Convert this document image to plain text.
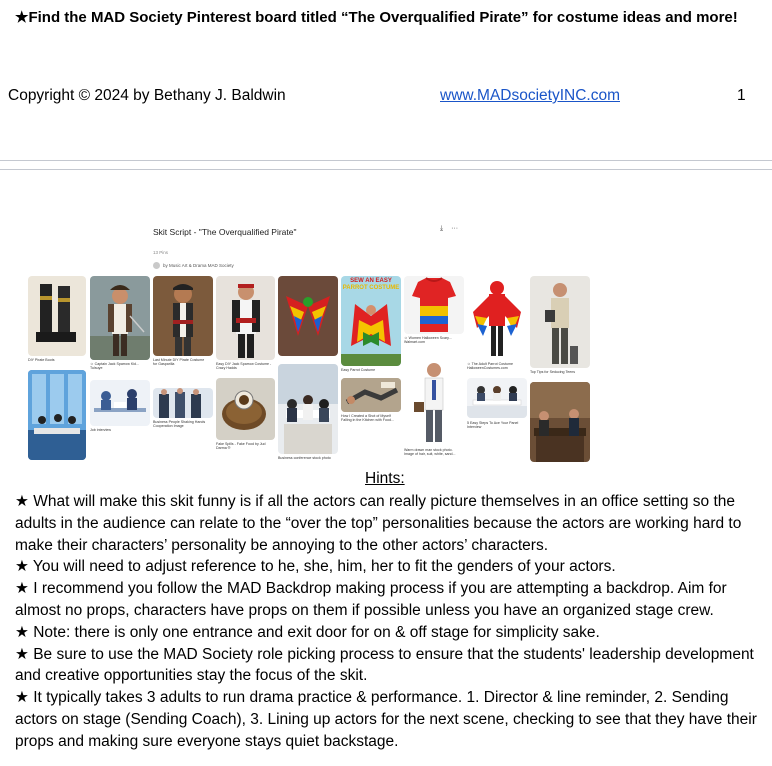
★Find the MAD Society Pinterest board titled “The Overqualified Pirate” for costume ideas and more!

Copyright © 2024 by Bethany J. Baldwin	www.MADsocietyINC.com	1
Skit Script - "The Overqualified Pirate"
13 Pins
by Music Art & Drama MAD Society
⤓ ···
DIY Pirate Boots
☺ Captain Jack Sparrow Kid...
Tulsuye
Last Minute DIY Pirate Costume
for Gasparilla	Easy DIY Jack Sparrow Costume -
Crazy Hadds
SEW AN EASY
PARROT COSTUME
Easy Parrot Costume
☺ Women Halloween Scary...
Walmart.com
☺ The Adult Parrot Costume
HalloweenCostumes.com
Top Tips for Seducing Teens
Job interview
Business People Shaking Hands
Cooperation Image
Fake Spills - Fake Food by Jud
Darma ®
Business conference stock photo
How I Created a Shot of Myself
Falling in the Kitchen with Food...
Warm drawn man stock photo.
Image of hair, suit, white, sand...
5 Easy Steps To Ace Your Panel
Interview

Hints:

★ What will make this skit funny is if all the actors can really picture themselves in an office setting so the adults in the audience can relate to the “over the top” personalities because the actors are working hard to make their characters’ personality be annoying to the other actors’ characters.

★ You will need to adjust reference to he, she, him, her to fit the genders of your actors.

★ I recommend you follow the MAD Backdrop making process if you are attempting a backdrop. Aim for almost no props, characters have props on them if possible unless you have an organized stage crew.

★ Note: there is only one entrance and exit door for on & off stage for simplicity sake.

★ Be sure to use the MAD Society role picking process to ensure that the students' leadership development and creative opportunities stay the focus of the skit.

★ It typically takes 3 adults to run drama practice & performance. 1. Director & line reminder, 2. Sending actors on stage (Sending Coach), 3. Lining up actors for the next scene, checking to see that they have their props and making sure everyone stays quiet backstage.
